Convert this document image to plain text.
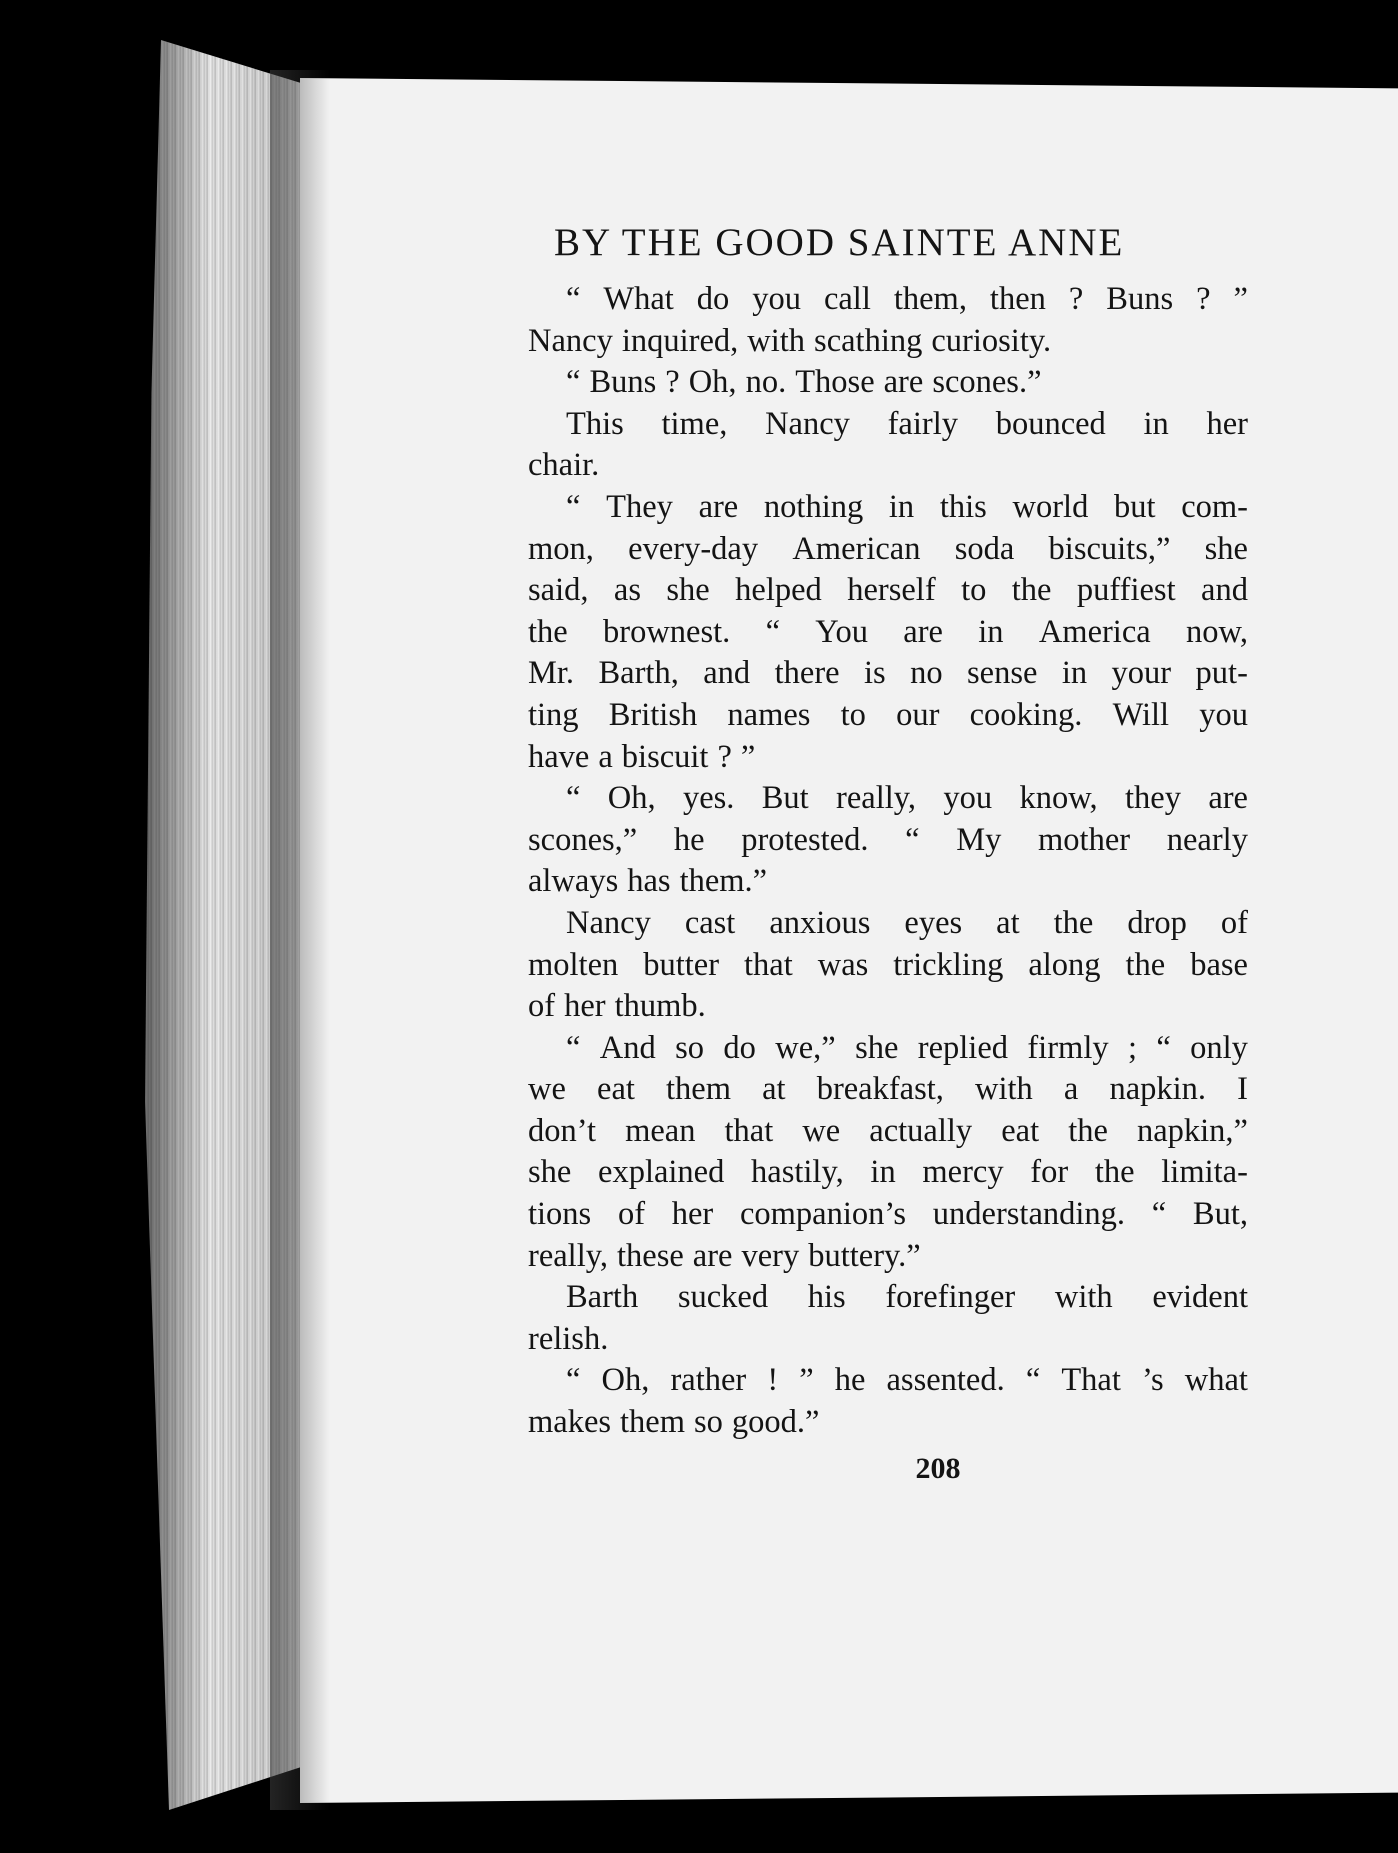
BY THE GOOD SAINTE ANNE
“ What do you call them, then ? Buns ? ”
Nancy inquired, with scathing curiosity.
“ Buns ? Oh, no. Those are scones.”
This time, Nancy fairly bounced in her
chair.
“ They are nothing in this world but com-
mon, every-day American soda biscuits,” she
said, as she helped herself to the puffiest and
the brownest. “ You are in America now,
Mr. Barth, and there is no sense in your put-
ting British names to our cooking. Will you
have a biscuit ? ”
“ Oh, yes. But really, you know, they are
scones,” he protested. “ My mother nearly
always has them.”
Nancy cast anxious eyes at the drop of
molten butter that was trickling along the base
of her thumb.
“ And so do we,” she replied firmly ; “ only
we eat them at breakfast, with a napkin. I
don’t mean that we actually eat the napkin,”
she explained hastily, in mercy for the limita-
tions of her companion’s understanding. “ But,
really, these are very buttery.”
Barth sucked his forefinger with evident
relish.
“ Oh, rather ! ” he assented. “ That ’s what
makes them so good.”
208
